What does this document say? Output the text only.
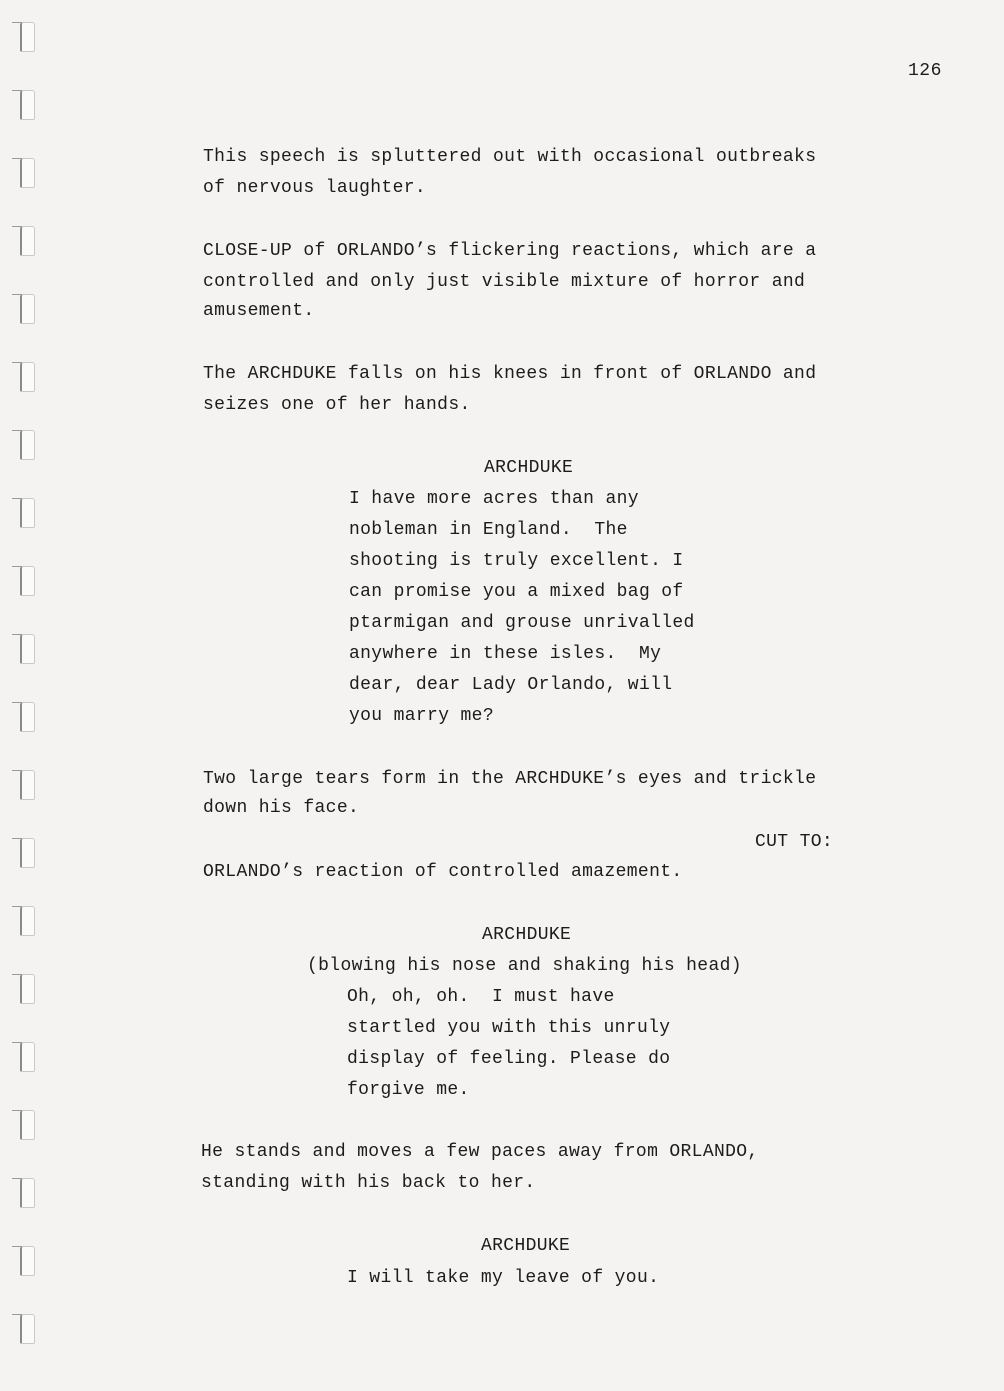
126
This speech is spluttered out with occasional outbreaks
of nervous laughter.
CLOSE-UP of ORLANDO’s flickering reactions, which are a
controlled and only just visible mixture of horror and
amusement.
The ARCHDUKE falls on his knees in front of ORLANDO and
seizes one of her hands.
ARCHDUKE
I have more acres than any
nobleman in England.  The
shooting is truly excellent. I
can promise you a mixed bag of
ptarmigan and grouse unrivalled
anywhere in these isles.  My
dear, dear Lady Orlando, will
you marry me?
Two large tears form in the ARCHDUKE’s eyes and trickle
down his face.
CUT TO:
ORLANDO’s reaction of controlled amazement.
ARCHDUKE
(blowing his nose and shaking his head)
Oh, oh, oh.  I must have
startled you with this unruly
display of feeling. Please do
forgive me.
He stands and moves a few paces away from ORLANDO,
standing with his back to her.
ARCHDUKE
I will take my leave of you.
